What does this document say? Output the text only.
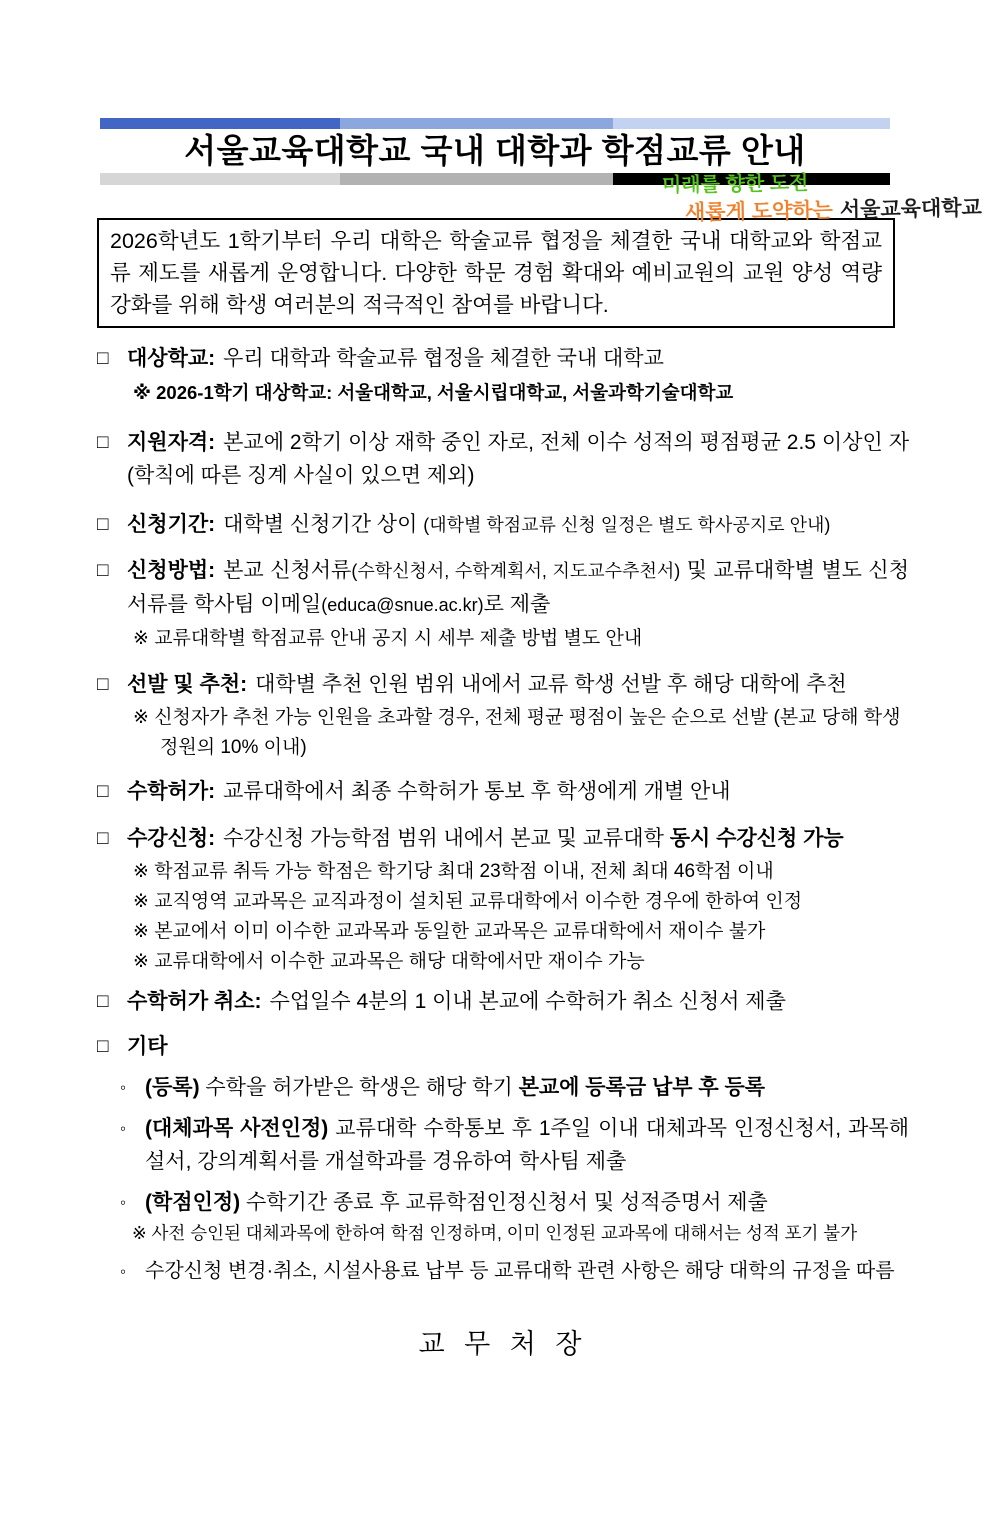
미래를 향한 도전
새롭게 도약하는 서울교육대학교
서울교육대학교 국내 대학과 학점교류 안내

2026학년도 1학기부터 우리 대학은 학술교류 협정을 체결한 국내 대학교와 학점교류 제도를 새롭게 운영합니다. 다양한 학문 경험 확대와 예비교원의 교원 양성 역량 강화를 위해 학생 여러분의 적극적인 참여를 바랍니다.

□ 대상학교: 우리 대학과 학술교류 협정을 체결한 국내 대학교

※ 2026-1학기 대상학교: 서울대학교, 서울시립대학교, 서울과학기술대학교
□ 지원자격: 본교에 2학기 이상 재학 중인 자로, 전체 이수 성적의 평점평균 2.5 이상인 자 (학칙에 따른 징계 사실이 있으면 제외)

□ 신청기간: 대학별 신청기간 상이 (대학별 학점교류 신청 일정은 별도 학사공지로 안내)

□ 신청방법: 본교 신청서류(수학신청서, 수학계획서, 지도교수추천서) 및 교류대학별 별도 신청서류를 학사팀 이메일(educa@snue.ac.kr)로 제출

※ 교류대학별 학점교류 안내 공지 시 세부 제출 방법 별도 안내
□ 선발 및 추천: 대학별 추천 인원 범위 내에서 교류 학생 선발 후 해당 대학에 추천

※ 신청자가 추천 가능 인원을 초과할 경우, 전체 평균 평점이 높은 순으로 선발 (본교 당해 학생정원의 10% 이내)
□ 수학허가: 교류대학에서 최종 수학허가 통보 후 학생에게 개별 안내

□ 수강신청: 수강신청 가능학점 범위 내에서 본교 및 교류대학 동시 수강신청 가능

※ 학점교류 취득 가능 학점은 학기당 최대 23학점 이내, 전체 최대 46학점 이내
※ 교직영역 교과목은 교직과정이 설치된 교류대학에서 이수한 경우에 한하여 인정
※ 본교에서 이미 이수한 교과목과 동일한 교과목은 교류대학에서 재이수 불가
※ 교류대학에서 이수한 교과목은 해당 대학에서만 재이수 가능
□ 수학허가 취소: 수업일수 4분의 1 이내 본교에 수학허가 취소 신청서 제출

□ 기타

◦ (등록) 수학을 허가받은 학생은 해당 학기 본교에 등록금 납부 후 등록

◦ (대체과목 사전인정) 교류대학 수학통보 후 1주일 이내 대체과목 인정신청서, 과목해설서, 강의계획서를 개설학과를 경유하여 학사팀 제출

◦ (학점인정) 수학기간 종료 후 교류학점인정신청서 및 성적증명서 제출

※ 사전 승인된 대체과목에 한하여 학점 인정하며, 이미 인정된 교과목에 대해서는 성적 포기 불가
◦ 수강신청 변경·취소, 시설사용료 납부 등 교류대학 관련 사항은 해당 대학의 규정을 따름

교 무 처 장
